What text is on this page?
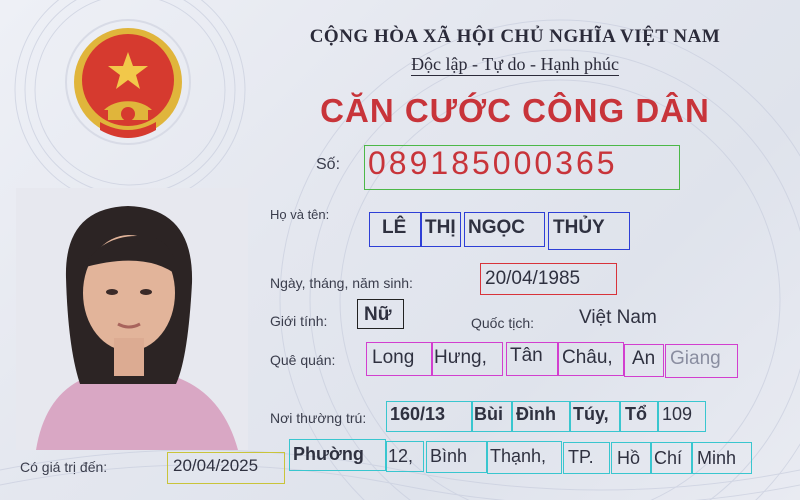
CỘNG HÒA XÃ HỘI CHỦ NGHĨA VIỆT NAM
Độc lập - Tự do - Hạnh phúc
CĂN CƯỚC CÔNG DÂN
Số: 089185000365
Họ và tên:
LÊ THỊ NGỌC THỦY
Ngày, tháng, năm sinh:	20/04/1985
Giới tính: Nữ	Quốc tịch: Việt Nam
Quê quán: Long Hưng, Tân Châu, An Giang
Nơi thường trú: 160/13 Bùi Đình Túy, Tổ 109
Phường 12, Bình Thạnh, TP. Hồ Chí Minh
Có giá trị đến:	20/04/2025
